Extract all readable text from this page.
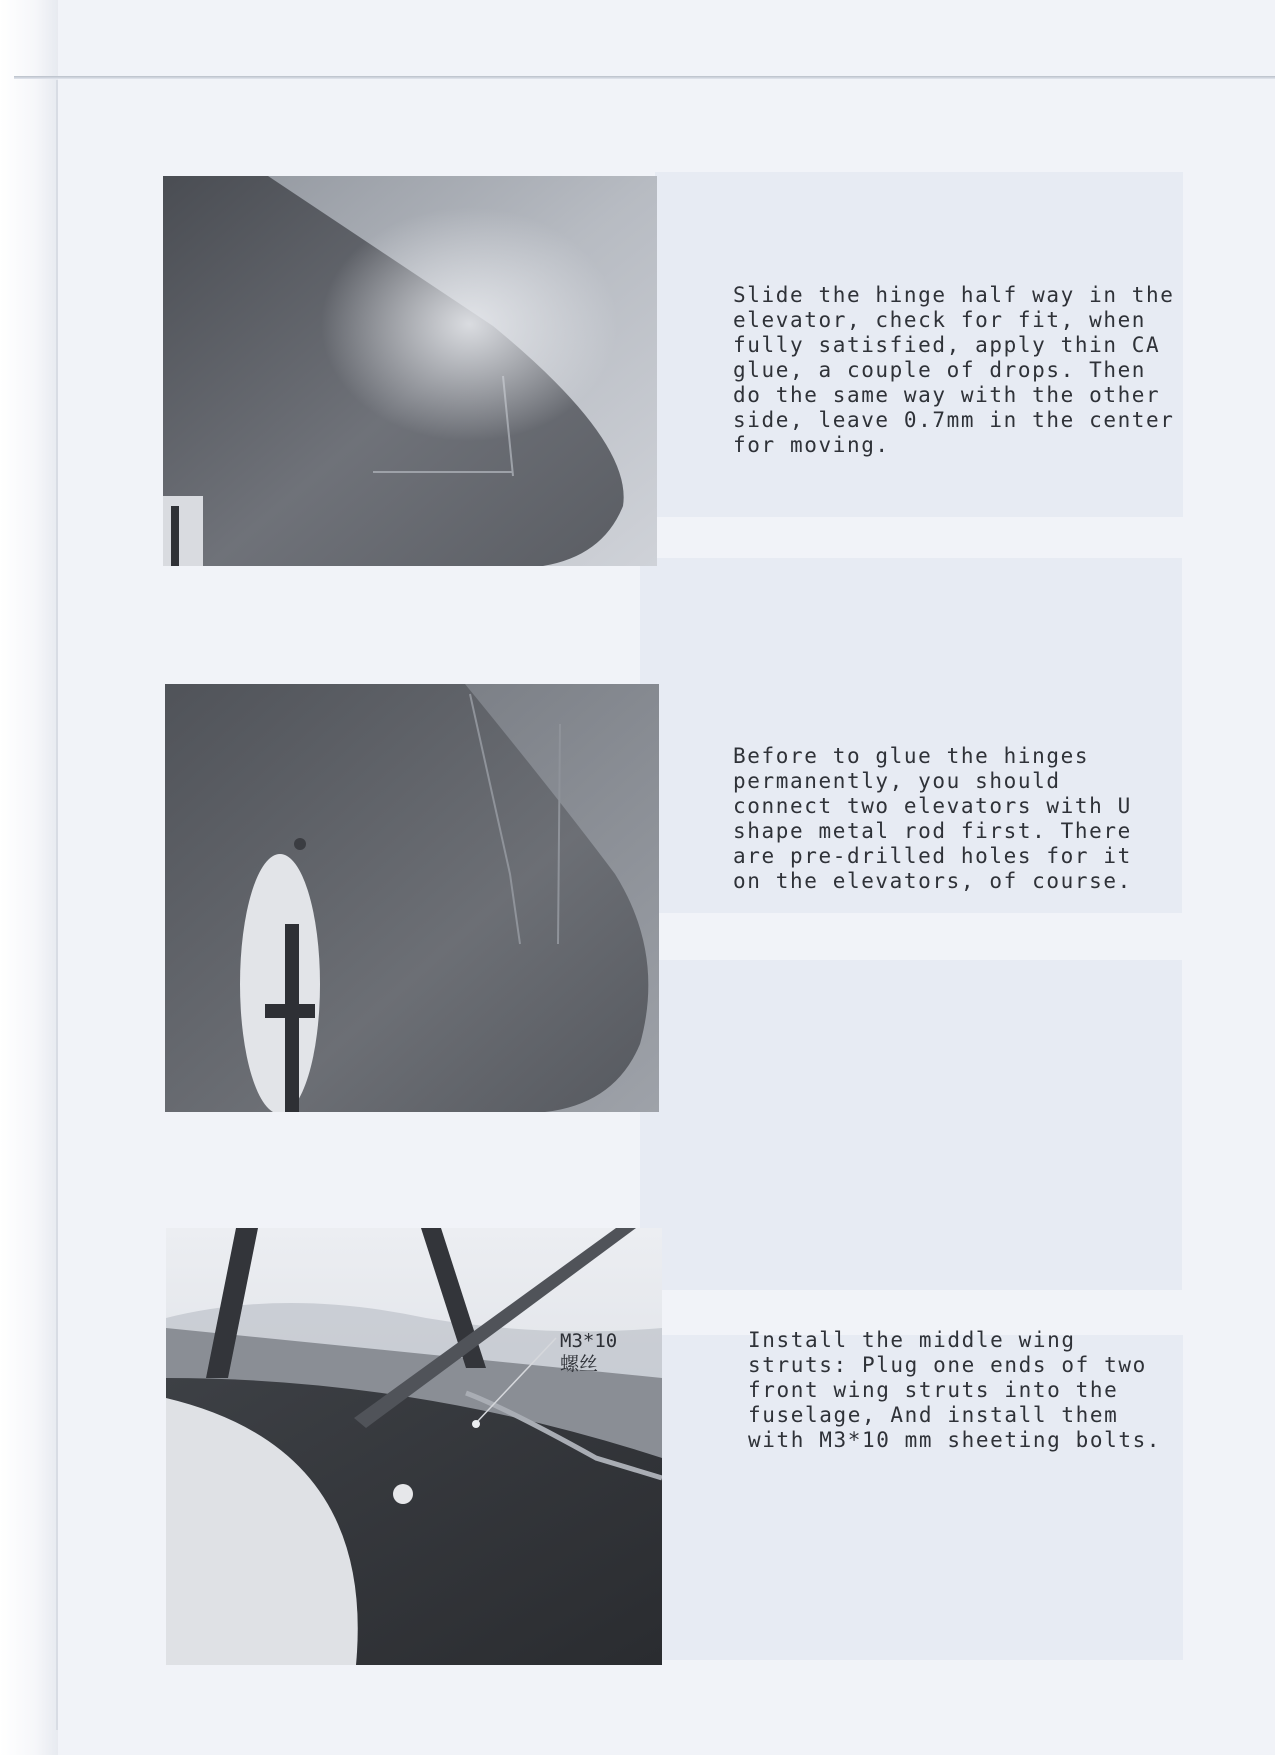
Slide the hinge half way in the
elevator, check for fit, when
fully satisfied, apply thin CA
glue, a couple of drops. Then
do the same way with the other
side, leave 0.7mm in the center
for moving.

Before to glue the hinges
permanently, you should
connect two elevators with U
shape metal rod first. There
are pre-drilled holes for it
on the elevators, of course.

M3*10

螺丝

Install the middle wing
struts: Plug one ends of two
front wing struts into the
fuselage, And install them
with M3*10 mm sheeting bolts.
